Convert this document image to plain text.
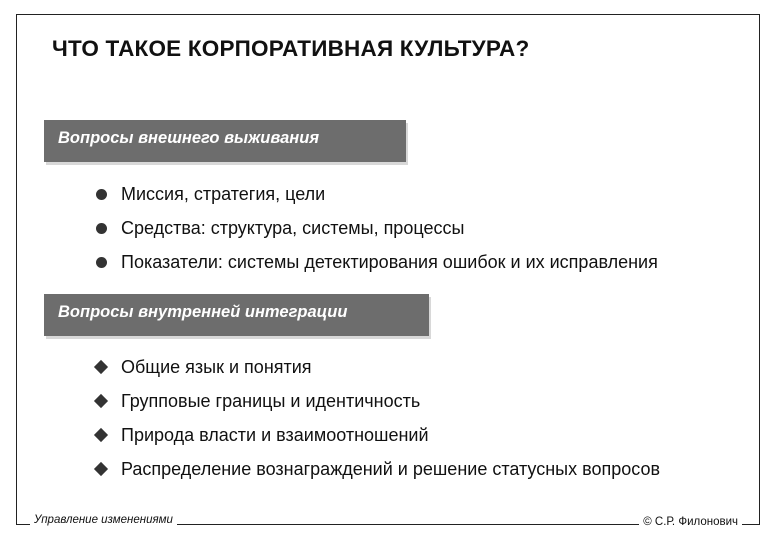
ЧТО ТАКОЕ КОРПОРАТИВНАЯ КУЛЬТУРА?
Вопросы внешнего выживания
Миссия, стратегия, цели
Средства: структура, системы, процессы
Показатели: системы детектирования ошибок и их исправления
Вопросы внутренней интеграции
Общие язык и понятия
Групповые границы и идентичность
Природа власти и взаимоотношений
Распределение вознаграждений и решение статусных вопросов
Управление изменениями	© С.Р. Филонович
